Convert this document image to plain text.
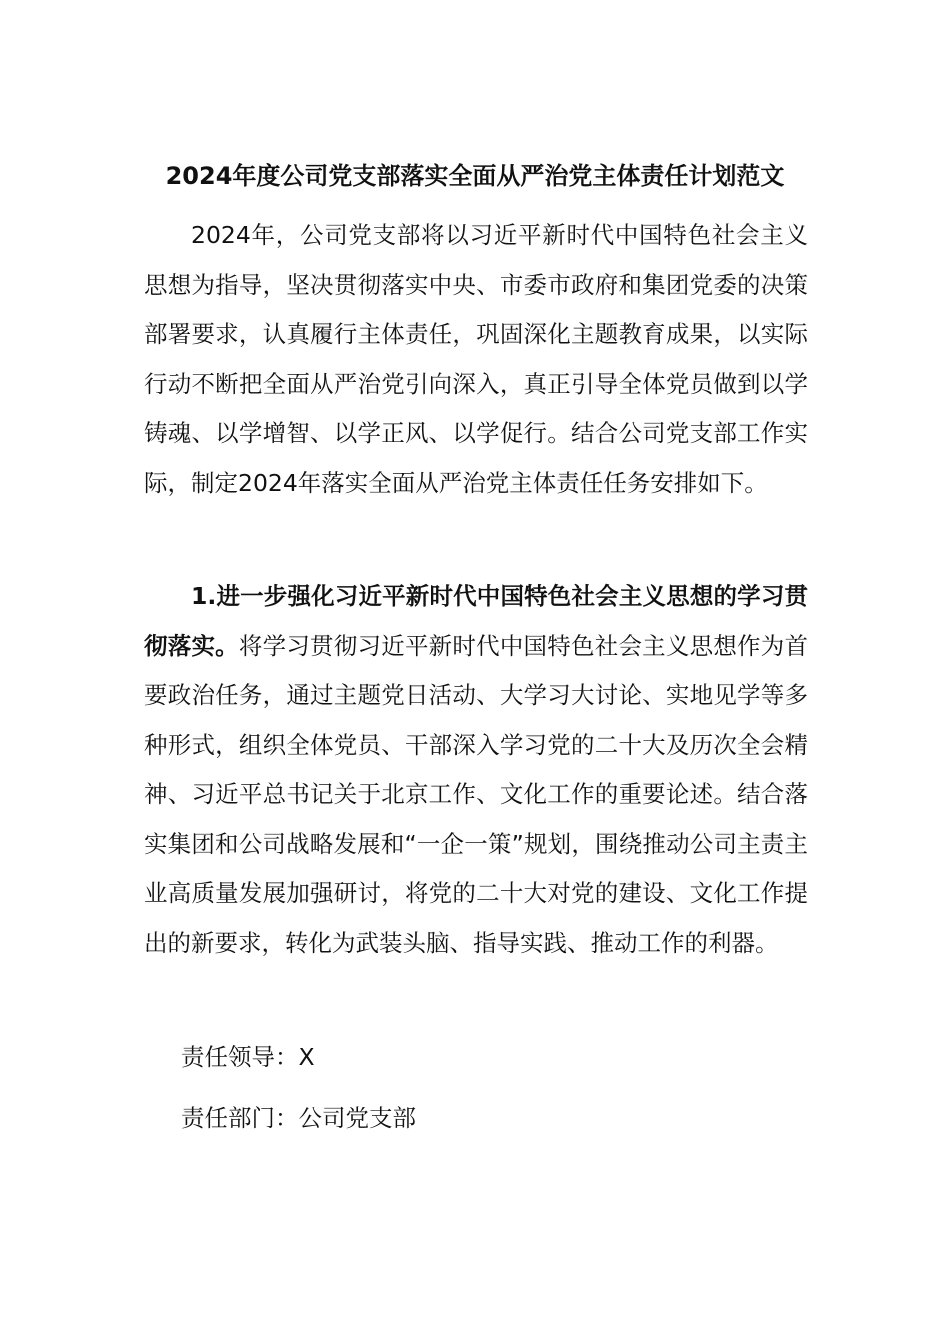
2024年度公司党支部落实全面从严治党主体责任计划范文

2024年，公司党支部将以习近平新时代中国特色社会主义思想为指导，坚决贯彻落实中央、市委市政府和集团党委的决策部署要求，认真履行主体责任，巩固深化主题教育成果，以实际行动不断把全面从严治党引向深入，真正引导全体党员做到以学铸魂、以学增智、以学正风、以学促行。结合公司党支部工作实际，制定2024年落实全面从严治党主体责任任务安排如下。

1.进一步强化习近平新时代中国特色社会主义思想的学习贯彻落实。将学习贯彻习近平新时代中国特色社会主义思想作为首要政治任务，通过主题党日活动、大学习大讨论、实地见学等多种形式，组织全体党员、干部深入学习党的二十大及历次全会精神、习近平总书记关于北京工作、文化工作的重要论述。结合落实集团和公司战略发展和“一企一策”规划，围绕推动公司主责主业高质量发展加强研讨，将党的二十大对党的建设、文化工作提出的新要求，转化为武装头脑、指导实践、推动工作的利器。

责任领导：X
责任部门：公司党支部
